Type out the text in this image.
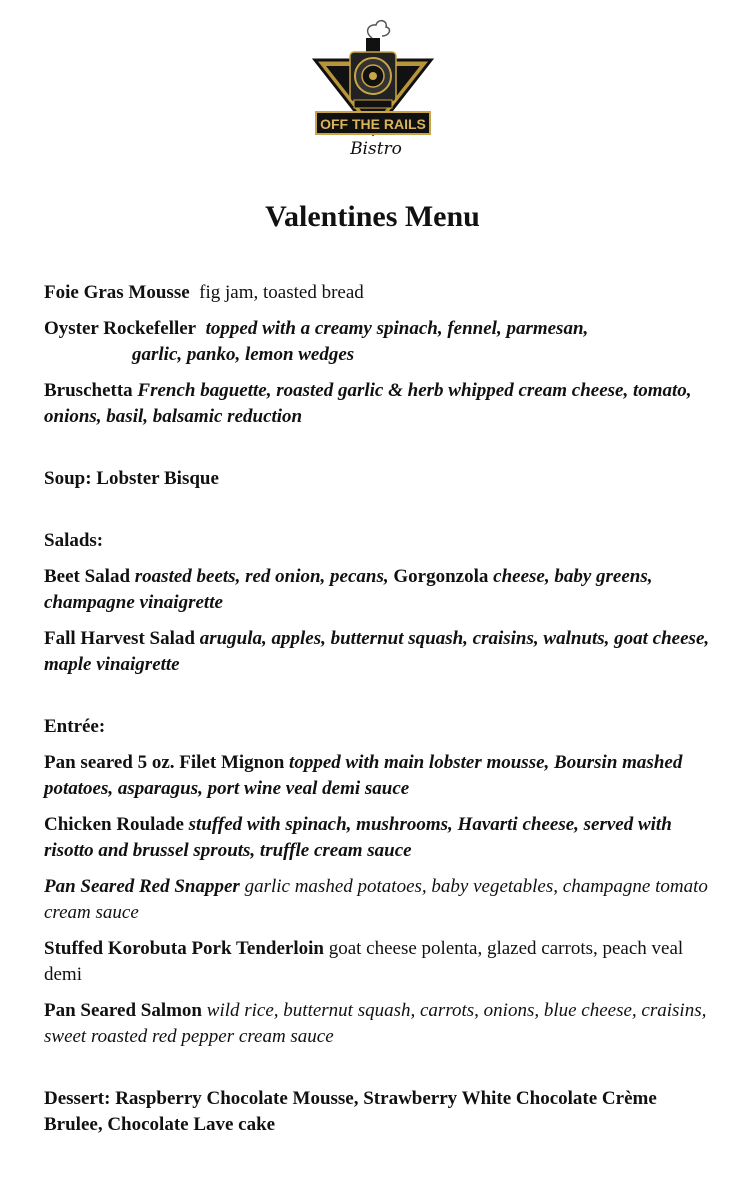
OFF THE RAILS
Bistro
Valentines Menu

Foie Gras Mousse fig jam, toasted bread

Oyster Rockefeller topped with a creamy spinach, fennel, parmesan,
garlic, panko, lemon wedges

Bruschetta French baguette, roasted garlic & herb whipped cream cheese, tomato, onions, basil, balsamic reduction

Soup: Lobster Bisque

Salads:

Beet Salad roasted beets, red onion, pecans, Gorgonzola cheese, baby greens, champagne vinaigrette

Fall Harvest Salad arugula, apples, butternut squash, craisins, walnuts, goat cheese, maple vinaigrette

Entrée:

Pan seared 5 oz. Filet Mignon topped with main lobster mousse, Boursin mashed potatoes, asparagus, port wine veal demi sauce

Chicken Roulade stuffed with spinach, mushrooms, Havarti cheese, served with risotto and brussel sprouts, truffle cream sauce

Pan Seared Red Snapper garlic mashed potatoes, baby vegetables, champagne tomato cream sauce

Stuffed Korobuta Pork Tenderloin goat cheese polenta, glazed carrots, peach veal demi

Pan Seared Salmon wild rice, butternut squash, carrots, onions, blue cheese, craisins, sweet roasted red pepper cream sauce

Dessert: Raspberry Chocolate Mousse, Strawberry White Chocolate Crème Brulee, Chocolate Lave cake
